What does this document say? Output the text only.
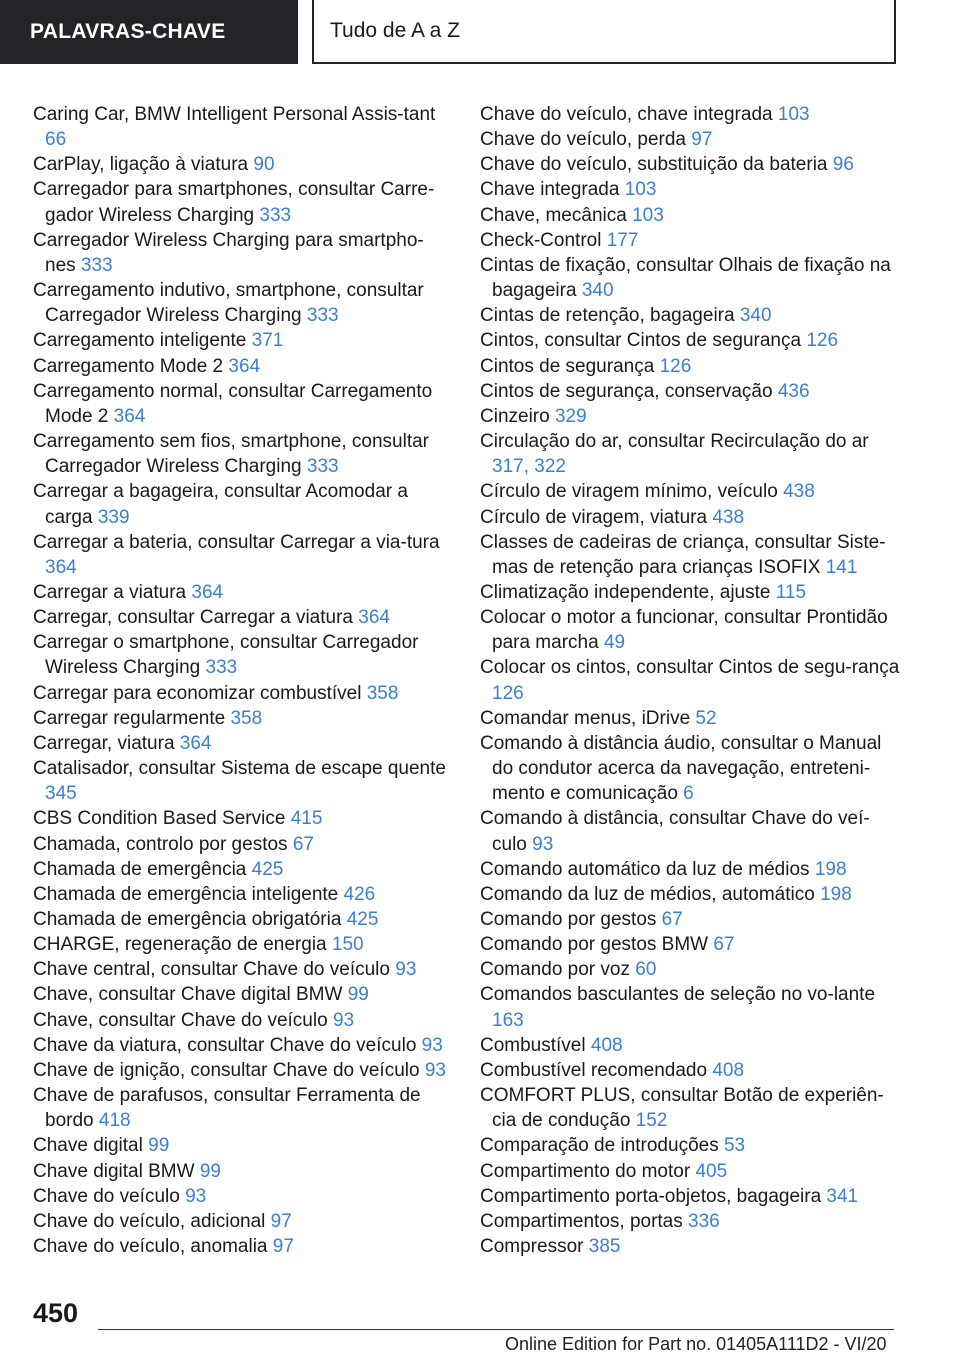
PALAVRAS-CHAVE	Tudo de A a Z

Caring Car, BMW Intelligent Personal Assis-tant 66

CarPlay, ligação à viatura 90

Carregador para smartphones, consultar Carre-gador Wireless Charging 333

Carregador Wireless Charging para smartpho-nes 333

Carregamento indutivo, smartphone, consultar Carregador Wireless Charging 333

Carregamento inteligente 371

Carregamento Mode 2 364

Carregamento normal, consultar Carregamento Mode 2 364

Carregamento sem fios, smartphone, consultar Carregador Wireless Charging 333

Carregar a bagageira, consultar Acomodar a carga 339

Carregar a bateria, consultar Carregar a via-tura 364

Carregar a viatura 364

Carregar, consultar Carregar a viatura 364

Carregar o smartphone, consultar Carregador Wireless Charging 333

Carregar para economizar combustível 358

Carregar regularmente 358

Carregar, viatura 364

Catalisador, consultar Sistema de escape quente 345

CBS Condition Based Service 415

Chamada, controlo por gestos 67

Chamada de emergência 425

Chamada de emergência inteligente 426

Chamada de emergência obrigatória 425

CHARGE, regeneração de energia 150

Chave central, consultar Chave do veículo 93

Chave, consultar Chave digital BMW 99

Chave, consultar Chave do veículo 93

Chave da viatura, consultar Chave do veículo 93

Chave de ignição, consultar Chave do veículo 93

Chave de parafusos, consultar Ferramenta de bordo 418

Chave digital 99

Chave digital BMW 99

Chave do veículo 93

Chave do veículo, adicional 97

Chave do veículo, anomalia 97

Chave do veículo, chave integrada 103

Chave do veículo, perda 97

Chave do veículo, substituição da bateria 96

Chave integrada 103

Chave, mecânica 103

Check-Control 177

Cintas de fixação, consultar Olhais de fixação na bagageira 340

Cintas de retenção, bagageira 340

Cintos, consultar Cintos de segurança 126

Cintos de segurança 126

Cintos de segurança, conservação 436

Cinzeiro 329

Circulação do ar, consultar Recirculação do ar 317, 322

Círculo de viragem mínimo, veículo 438

Círculo de viragem, viatura 438

Classes de cadeiras de criança, consultar Siste-mas de retenção para crianças ISOFIX 141

Climatização independente, ajuste 115

Colocar o motor a funcionar, consultar Prontidão para marcha 49

Colocar os cintos, consultar Cintos de segu-rança 126

Comandar menus, iDrive 52

Comando à distância áudio, consultar o Manual do condutor acerca da navegação, entreteni-mento e comunicação 6

Comando à distância, consultar Chave do veí-culo 93

Comando automático da luz de médios 198

Comando da luz de médios, automático 198

Comando por gestos 67

Comando por gestos BMW 67

Comando por voz 60

Comandos basculantes de seleção no vo-lante 163

Combustível 408

Combustível recomendado 408

COMFORT PLUS, consultar Botão de experiên-cia de condução 152

Comparação de introduções 53

Compartimento do motor 405

Compartimento porta-objetos, bagageira 341

Compartimentos, portas 336

Compressor 385

450
Online Edition for Part no. 01405A111D2 - VI/20
